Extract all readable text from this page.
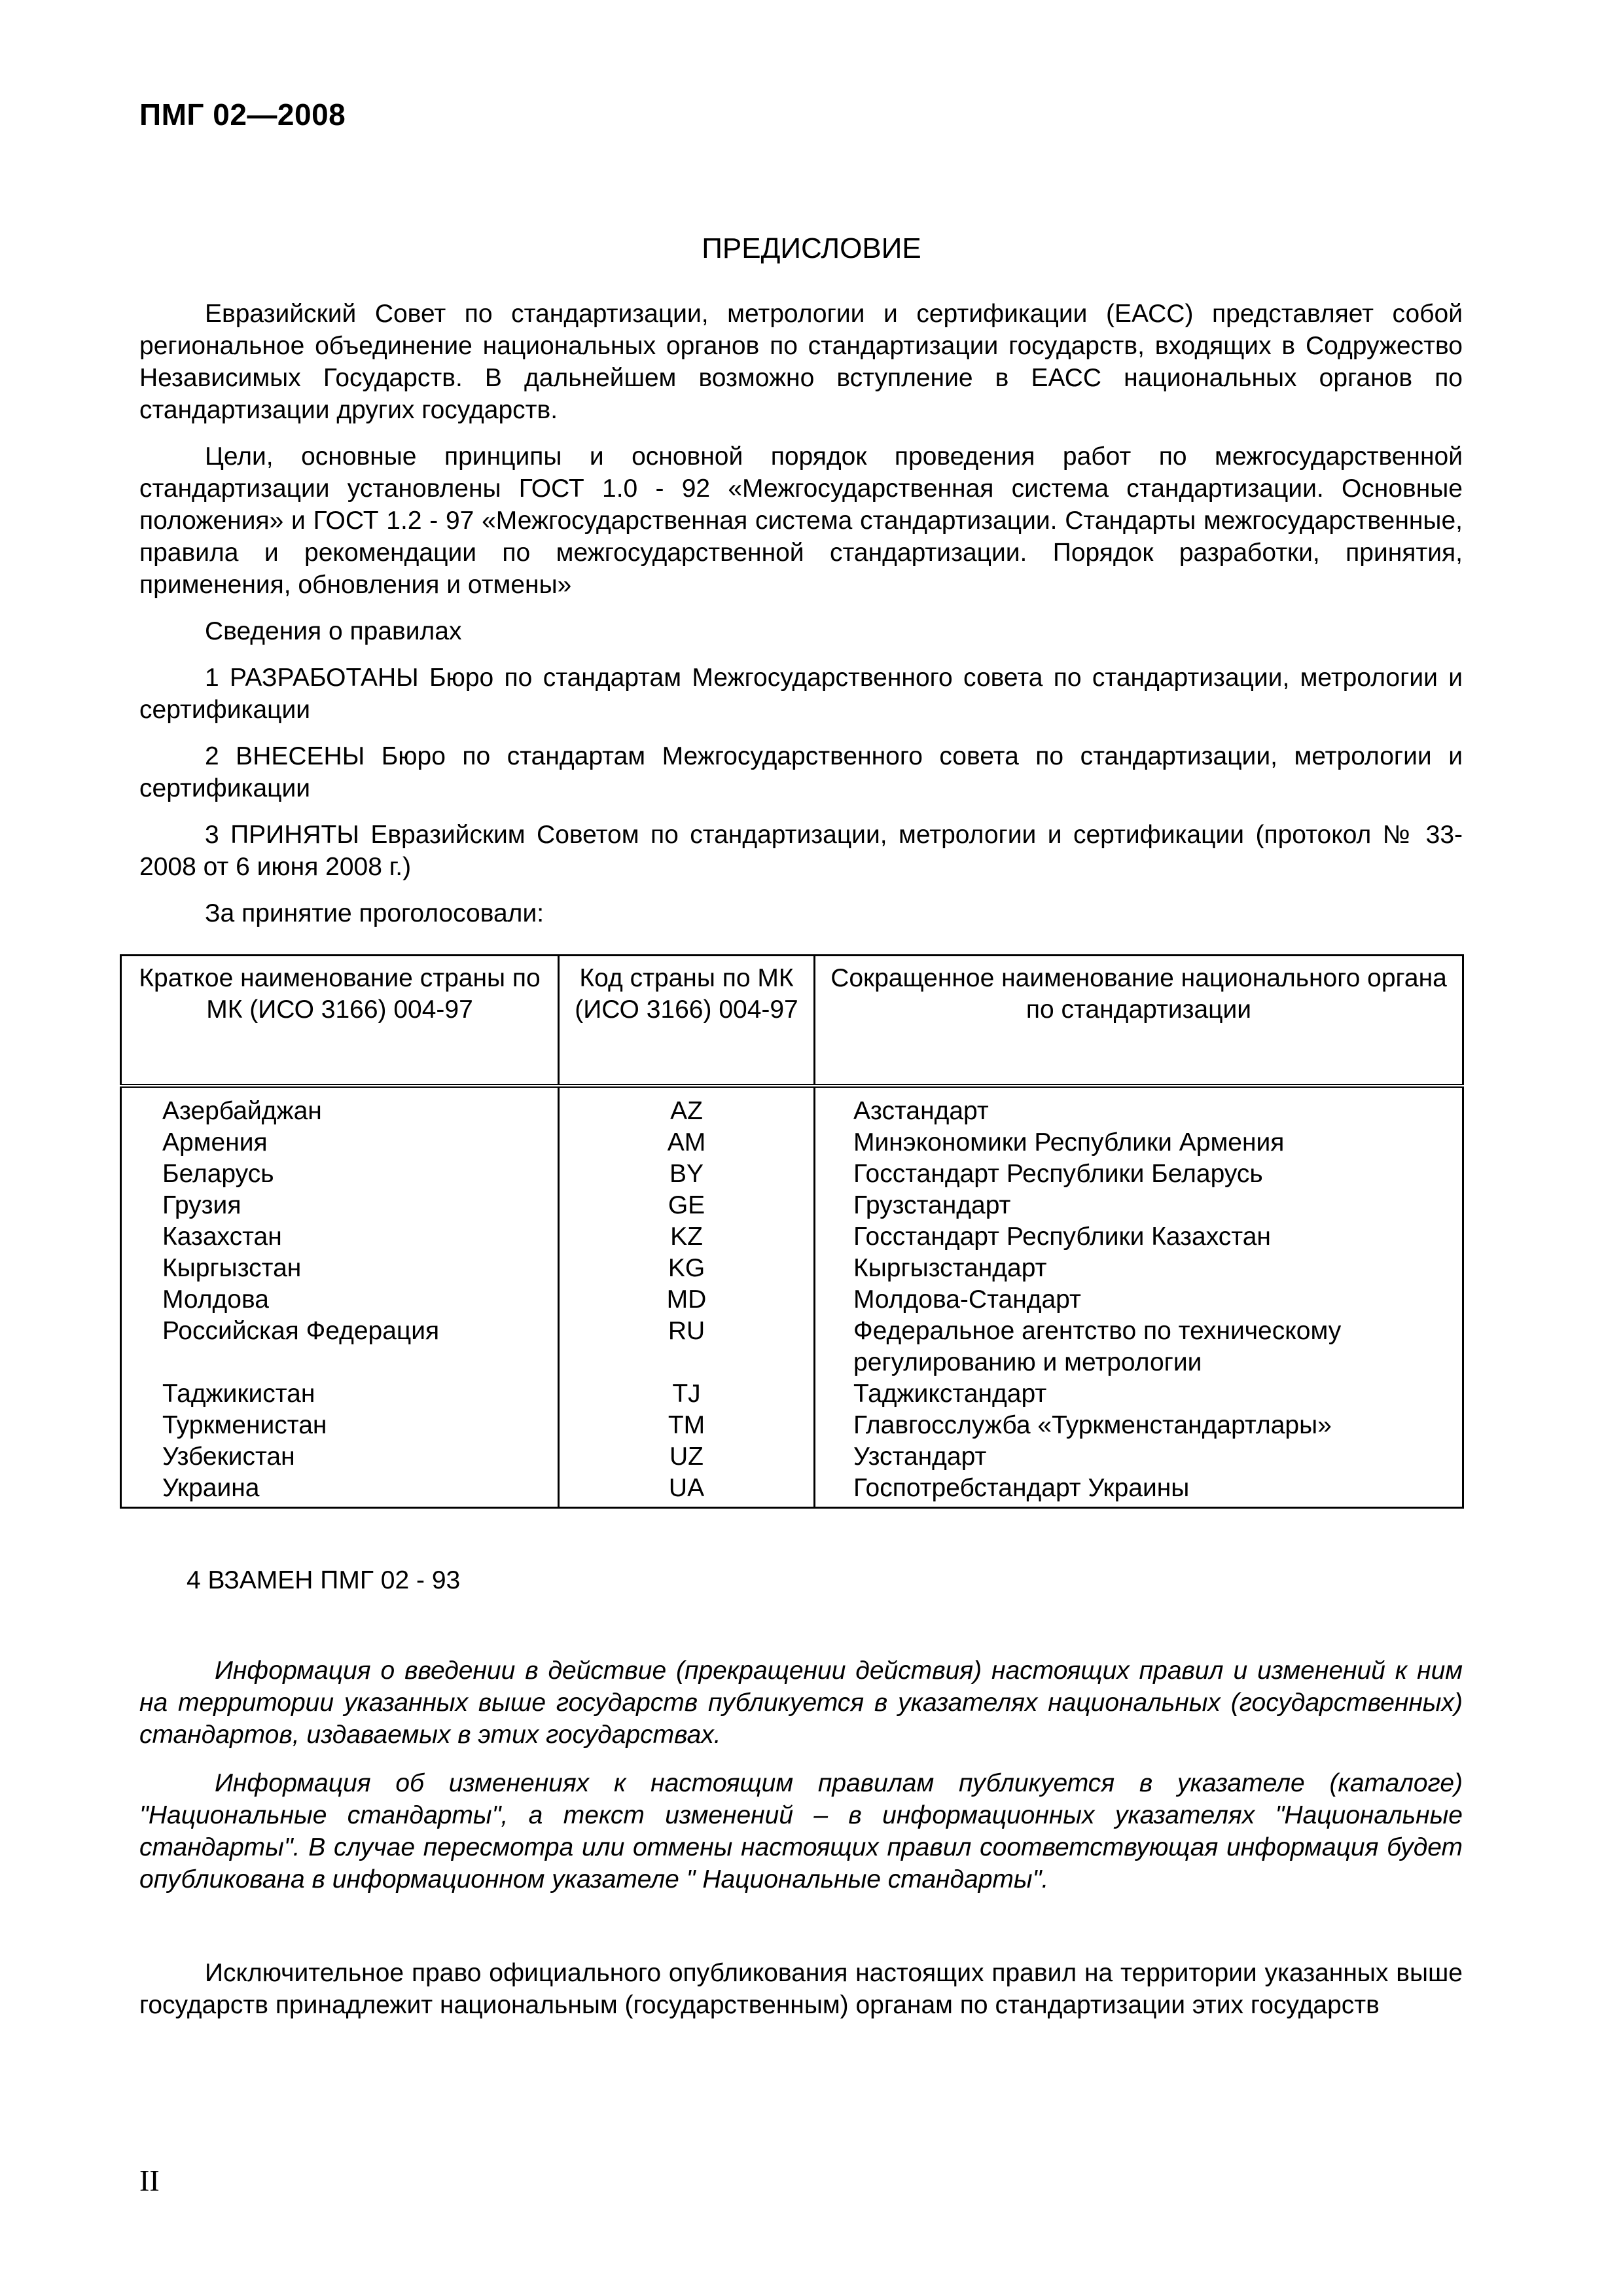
ПМГ 02—2008
ПРЕДИСЛОВИЕ

Евразийский Совет по стандартизации, метрологии и сертификации (ЕАСС) представляет собой региональное объединение национальных органов по стандартизации государств, входящих в Содружество Независимых Государств. В дальнейшем возможно вступление в ЕАСС национальных органов по стандартизации других государств.

Цели, основные принципы и основной порядок проведения работ по межгосударственной стандартизации установлены ГОСТ 1.0 - 92 «Межгосударственная система стандартизации. Основные положения» и ГОСТ 1.2 - 97 «Межгосударственная система стандартизации. Стандарты межгосударственные, правила и рекомендации по межгосударственной стандартизации. Порядок разработки, принятия, применения, обновления и отмены»

Сведения о правилах

1 РАЗРАБОТАНЫ Бюро по стандартам Межгосударственного совета по стандартизации, метрологии и сертификации

2 ВНЕСЕНЫ Бюро по стандартам Межгосударственного совета по стандартизации, метрологии и сертификации

3 ПРИНЯТЫ Евразийским Советом по стандартизации, метрологии и сертификации (протокол № 33-2008 от 6 июня 2008 г.)

За принятие проголосовали:

Краткое наименование страны по МК (ИСО 3166) 004-97	Код страны по МК (ИСО 3166) 004-97	Сокращенное наименование национального органа по стандартизации
Азербайджан	AZ	Азстандарт
Армения	AM	Минэкономики Республики Армения
Беларусь	BY	Госстандарт Республики Беларусь
Грузия	GE	Грузстандарт
Казахстан	KZ	Госстандарт Республики Казахстан
Кыргызстан	KG	Кыргызстандарт
Молдова	MD	Молдова-Стандарт
Российская Федерация	RU	Федеральное агентство по техническому регулированию и метрологии
Таджикистан	TJ	Таджикстандарт
Туркменистан	TM	Главгосслужба «Туркменстандартлары»
Узбекистан	UZ	Узстандарт
Украина	UA	Госпотребстандарт Украины
4 ВЗАМЕН ПМГ 02 - 93

Информация о введении в действие (прекращении действия) настоящих правил и изменений к ним на территории указанных выше государств публикуется в указателях национальных (государственных) стандартов, издаваемых в этих государствах.

Информация об изменениях к настоящим правилам публикуется в указателе (каталоге) "Национальные стандарты", а текст изменений – в информационных указателях "Национальные стандарты". В случае пересмотра или отмены настоящих правил соответствующая информация будет опубликована в информационном указателе " Национальные стандарты".

Исключительное право официального опубликования настоящих правил на территории указанных выше государств принадлежит национальным (государственным) органам по стандартизации этих государств

II
